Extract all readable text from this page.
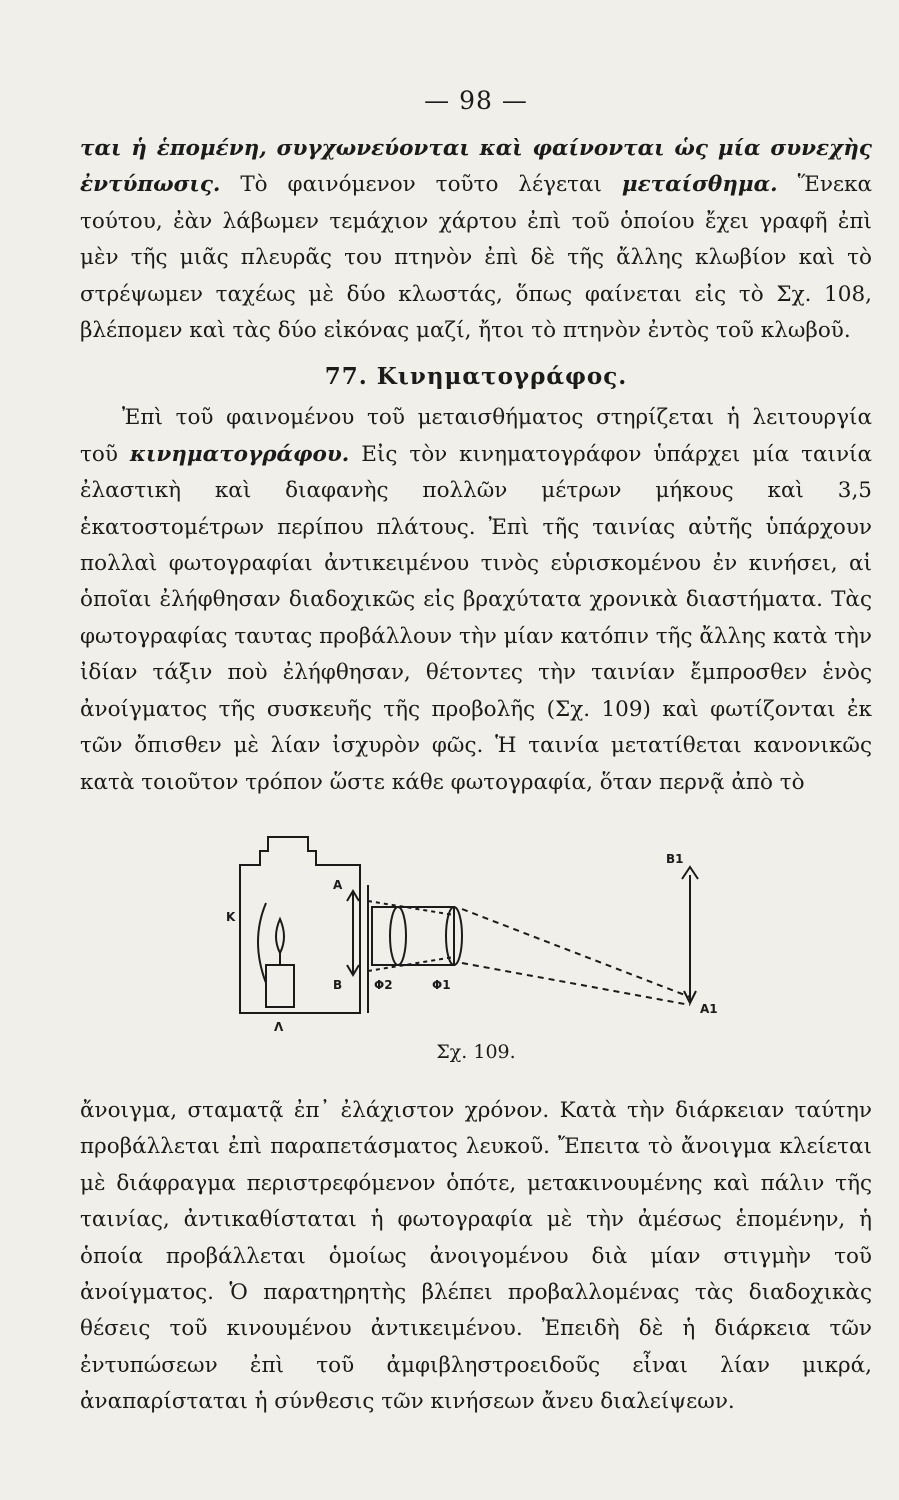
— 98 —

ται ἡ ἑπομένη, συγχωνεύονται καὶ φαίνονται ὡς μία συνεχὴς ἐντύπωσις. Τὸ φαινόμενον τοῦτο λέγεται μεταίσθημα. Ἕνεκα τούτου, ἐὰν λάβωμεν τεμάχιον χάρτου ἐπὶ τοῦ ὁποίου ἔχει γραφῆ ἐπὶ μὲν τῆς μιᾶς πλευρᾶς του πτηνὸν ἐπὶ δὲ τῆς ἄλλης κλωβίον καὶ τὸ στρέψωμεν ταχέως μὲ δύο κλωστάς, ὅπως φαίνεται εἰς τὸ Σχ. 108, βλέπομεν καὶ τὰς δύο εἰκόνας μαζί, ἤτοι τὸ πτηνὸν ἐντὸς τοῦ κλωβοῦ.

77. Κινηματογράφος.

Ἐπὶ τοῦ φαινομένου τοῦ μεταισθήματος στηρίζεται ἡ λειτουργία τοῦ κινηματογράφου. Εἰς τὸν κινηματογράφον ὑπάρχει μία ταινία ἐλαστικὴ καὶ διαφανὴς πολλῶν μέτρων μήκους καὶ 3,5 ἑκατοστομέτρων περίπου πλάτους. Ἐπὶ τῆς ταινίας αὐτῆς ὑπάρχουν πολλαὶ φωτογραφίαι ἀντικειμένου τινὸς εὑρισκομένου ἐν κινήσει, αἱ ὁποῖαι ἐλήφθησαν διαδοχικῶς εἰς βραχύτατα χρονικὰ διαστήματα. Τὰς φωτογραφίας ταυτας προβάλλουν τὴν μίαν κατόπιν τῆς ἄλλης κατὰ τὴν ἰδίαν τάξιν ποὺ ἐλήφθησαν, θέτοντες τὴν ταινίαν ἔμπροσθεν ἑνὸς ἀνοίγματος τῆς συσκευῆς τῆς προβολῆς (Σχ. 109) καὶ φωτίζονται ἐκ τῶν ὄπισθεν μὲ λίαν ἰσχυρὸν φῶς. Ἡ ταινία μετατίθεται κανονικῶς κατὰ τοιοῦτον τρόπον ὥστε κάθε φωτογραφία, ὅταν περνᾷ ἀπὸ τὸ

K
A
B
Λ
Φ2	Φ1
B1
A1
Σχ. 109.

ἄνοιγμα, σταματᾷ ἐπ᾽ ἐλάχιστον χρόνον. Κατὰ τὴν διάρκειαν ταύτην προβάλλεται ἐπὶ παραπετάσματος λευκοῦ. Ἔπειτα τὸ ἄνοιγμα κλείεται μὲ διάφραγμα περιστρεφόμενον ὁπότε, μετακινουμένης καὶ πάλιν τῆς ταινίας, ἀντικαθίσταται ἡ φωτογραφία μὲ τὴν ἀμέσως ἑπομένην, ἡ ὁποία προβάλλεται ὁμοίως ἀνοιγομένου διὰ μίαν στιγμὴν τοῦ ἀνοίγματος. Ὁ παρατηρητὴς βλέπει προβαλλομένας τὰς διαδοχικὰς θέσεις τοῦ κινουμένου ἀντικειμένου. Ἐπειδὴ δὲ ἡ διάρκεια τῶν ἐντυπώσεων ἐπὶ τοῦ ἀμφιβληστροειδοῦς εἶναι λίαν μικρά, ἀναπαρίσταται ἡ σύνθεσις τῶν κινήσεων ἄνευ διαλείψεων.
